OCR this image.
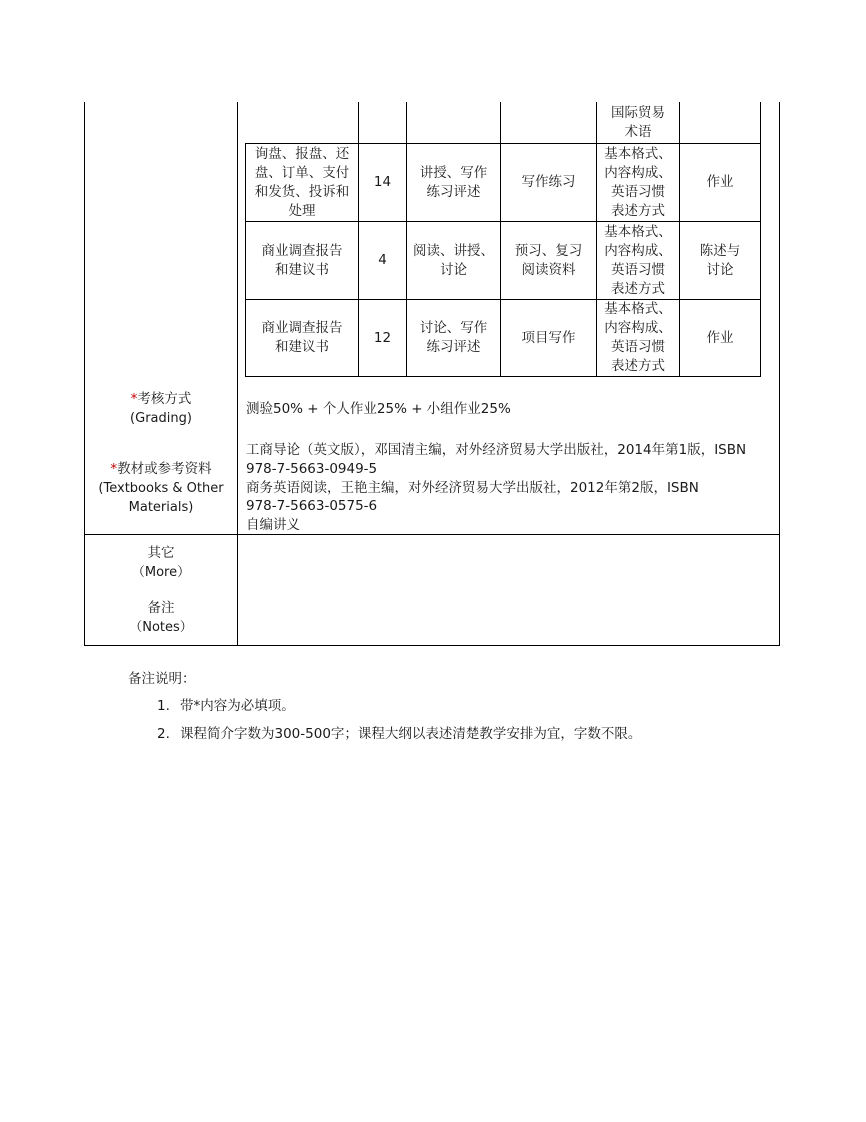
国际贸易
术语
询盘、报盘、还
盘、订单、支付
和发货、投诉和
处理
14
讲授、写作
练习评述
写作练习
基本格式、
内容构成、
英语习惯
表述方式
作业
商业调查报告
和建议书
4
阅读、讲授、
讨论
预习、复习
阅读资料
基本格式、
内容构成、
英语习惯
表述方式
陈述与
讨论
商业调查报告
和建议书
12
讨论、写作
练习评述
项目写作
基本格式、
内容构成、
英语习惯
表述方式
作业
*考核方式
(Grading)
测验50% + 个人作业25% + 小组作业25%
*教材或参考资料
(Textbooks & Other Materials)
工商导论（英文版），邓国清主编，对外经济贸易大学出版社，2014年第1版，ISBN
978-7-5663-0949-5
商务英语阅读，王艳主编，对外经济贸易大学出版社，2012年第2版，ISBN
978-7-5663-0575-6
自编讲义
其它
（More）
备注
（Notes）
备注说明：
1. 带*内容为必填项。
2. 课程简介字数为300-500字；课程大纲以表述清楚教学安排为宜，字数不限。
